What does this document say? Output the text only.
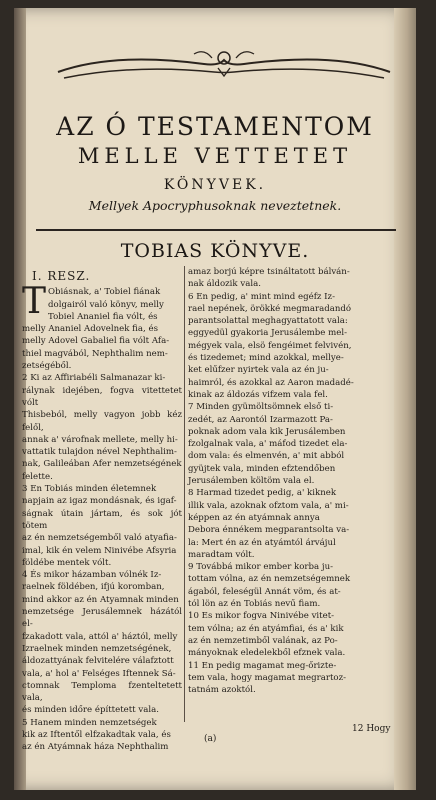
AZ Ó TESTAMENTOM
MELLE VETTETET
KÖNYVEK.
Mellyek Apocryphusoknak neveztetnek.
TOBIAS KÖNYVE.
I. RESZ.
T Obiásnak, a' Tobiel fiának
dolgairól való könyv, melly
Tobiel Ananiel fia vólt, és
melly Ananiel Adovelnek fia, és
melly Adovel Gabaliel fia vólt Afa-
thiel magvából, Nephthalim nem-
zetségéből.
2 Ki az Affiriabéli Salmanazar ki-
rálynak idejében, fogva vitettetet vólt
Thisbeból, melly vagyon jobb kéz felől,
annak a' várofnak mellete, melly hi-
vattatik tulajdon nével Nephthalim-
nak, Galileában Afer nemzetségének
felette.
3 En Tobiás minden életemnek
napjain az igaz mondásnak, és igaf-
ságnak útain jártam, és sok jót tötem
az én nemzetségemből való atyafia-
imal, kik én velem Ninivébe Afsyria
földébe mentek vólt.
4 És mikor házamban vólnék Iz-
raelnek földében, ifjú koromban,
mind akkor az én Atyamnak minden
nemzetsége Jerusálemnek házától el-
fzakadott vala, attól a' háztól, melly
Izraelnek minden nemzetségének,
áldozattyának felvitelére válafztott
vala, a' hol a' Felséges Iftennek Sá-
ctomnak Temploma fzenteltetett vala,
és minden időre építtetett vala.
5 Hanem minden nemzetségek
kik az Iftentől elfzakadtak vala, és
az én Atyámnak háza Nephthalim
amaz borjú képre tsináltatott bálván-
nak áldozik vala.
6 En pedig, a' mint mind egéfz Iz-
rael nepének, örökké megmaradandó
parantsolattal meghagyattatott vala:
eggyedül gyakoria Jerusálembe mel-
mégyek vala, elsö fengéimet felvivén,
és tizedemet; mind azokkal, mellye-
ket elűfzer nyirtek vala az én ju-
haimról, és azokkal az Aaron madadé-
kinak az áldozás vifzem vala fel.
7 Minden gyümöltsömnek első ti-
zedét, az Aarontól Izarmazott Pa-
poknak adom vala kik Jerusálemben
fzolgalnak vala, a' máfod tizedet ela-
dom vala: és elmenvén, a' mit abból
gyüjtek vala, minden efztendőben
Jerusálemben költöm vala el.
8 Harmad tizedet pedig, a' kiknek
illik vala, azoknak ofztom vala, a' mi-
képpen az én atyámnak annya
Debora énnékem megparantsolta va-
la: Mert én az én atyámtól árvájul
maradtam vólt.
9 Továbbá mikor ember korba ju-
tottam vólna, az én nemzetségemnek
ágaból, feleségül Annát vöm, és at-
tól lön az én Tobiás nevű fiam.
10 Es mikor fogva Ninivébe vitet-
tem vólna; az én atyámfiai, és a' kik
az én nemzetimből valának, az Po-
mányoknak eledelekből efznek vala.
11 En pedig magamat meg-őrizte-
tem vala, hogy magamat megrartoz-
tatnám azoktól.
12 Hogy
(a)
